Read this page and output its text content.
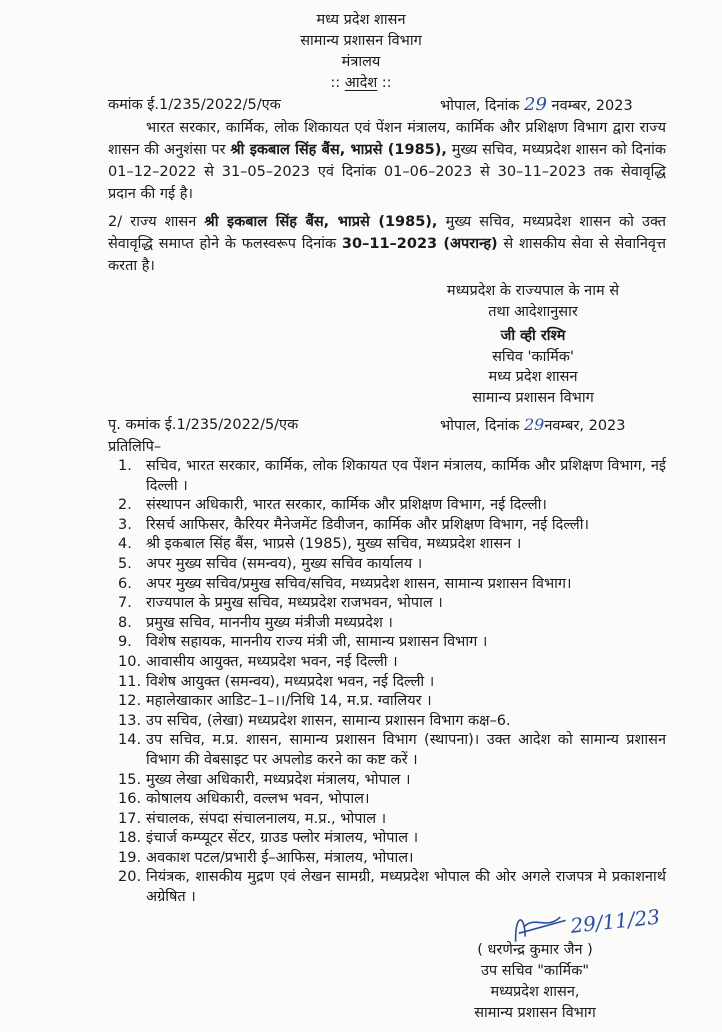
मध्य प्रदेश शासन
सामान्य प्रशासन विभाग
मंत्रालय
:: आदेश ::
कमांक ई.1/235/2022/5/एक	भोपाल, दिनांक 29 नवम्बर, 2023
भारत सरकार, कार्मिक, लोक शिकायत एवं पेंशन मंत्रालय, कार्मिक और प्रशिक्षण विभाग द्वारा राज्य शासन की अनुशंसा पर श्री इकबाल सिंह बैंस, भाप्रसे (1985), मुख्य सचिव, मध्यप्रदेश शासन को दिनांक 01–12–2022 से 31–05–2023 एवं दिनांक 01–06–2023 से 30–11–2023 तक सेवावृद्धि प्रदान की गई है।
2/ राज्य शासन श्री इकबाल सिंह बैंस, भाप्रसे (1985), मुख्य सचिव, मध्यप्रदेश शासन को उक्त सेवावृद्धि समाप्त होने के फलस्वरूप दिनांक 30–11–2023 (अपरान्ह) से शासकीय सेवा से सेवानिवृत्त करता है।
मध्यप्रदेश के राज्यपाल के नाम से
तथा आदेशानुसार
जी व्ही रश्मि
सचिव 'कार्मिक'
मध्य प्रदेश शासन
सामान्य प्रशासन विभाग
पृ. कमांक ई.1/235/2022/5/एक	भोपाल, दिनांक 29नवम्बर, 2023
प्रतिलिपि–
1. सचिव, भारत सरकार, कार्मिक, लोक शिकायत एव पेंशन मंत्रालय, कार्मिक और प्रशिक्षण विभाग, नई दिल्ली ।
2. संस्थापन अधिकारी, भारत सरकार, कार्मिक और प्रशिक्षण विभाग, नई दिल्ली।
3. रिसर्च आफिसर, कैरियर मैनेजमेंट डिवीजन, कार्मिक और प्रशिक्षण विभाग, नई दिल्ली।
4. श्री इकबाल सिंह बैंस, भाप्रसे (1985), मुख्य सचिव, मध्यप्रदेश शासन ।
5. अपर मुख्य सचिव (समन्वय), मुख्य सचिव कार्यालय ।
6. अपर मुख्य सचिव/प्रमुख सचिव/सचिव, मध्यप्रदेश शासन, सामान्य प्रशासन विभाग।
7. राज्यपाल के प्रमुख सचिव, मध्यप्रदेश राजभवन, भोपाल ।
8. प्रमुख सचिव, माननीय मुख्य मंत्रीजी मध्यप्रदेश ।
9. विशेष सहायक, माननीय राज्य मंत्री जी, सामान्य प्रशासन विभाग ।
10. आवासीय आयुक्त, मध्यप्रदेश भवन, नई दिल्ली ।
11. विशेष आयुक्त (समन्वय), मध्यप्रदेश भवन, नई दिल्ली ।
12. महालेखाकार आडिट–1–।।/निधि 14, म.प्र. ग्वालियर ।
13. उप सचिव, (लेखा) मध्यप्रदेश शासन, सामान्य प्रशासन विभाग कक्ष–6.
14. उप सचिव, म.प्र. शासन, सामान्य प्रशासन विभाग (स्थापना)। उक्त आदेश को सामान्य प्रशासन विभाग की वेबसाइट पर अपलोड करने का कष्ट करें ।
15. मुख्य लेखा अधिकारी, मध्यप्रदेश मंत्रालय, भोपाल ।
16. कोषालय अधिकारी, वल्लभ भवन, भोपाल।
17. संचालक, संपदा संचालनालय, म.प्र., भोपाल ।
18. इंचार्ज कम्प्यूटर सेंटर, ग्राउड फ्लोर मंत्रालय, भोपाल ।
19. अवकाश पटल/प्रभारी ई–आफिस, मंत्रालय, भोपाल।
20. नियंत्रक, शासकीय मुद्रण एवं लेखन सामग्री, मध्यप्रदेश भोपाल की ओर अगले राजपत्र मे प्रकाशनार्थ अग्रेषित ।
29/11/23
( धरणेन्द्र कुमार जैन )
उप सचिव "कार्मिक"
मध्यप्रदेश शासन,
सामान्य प्रशासन विभाग
